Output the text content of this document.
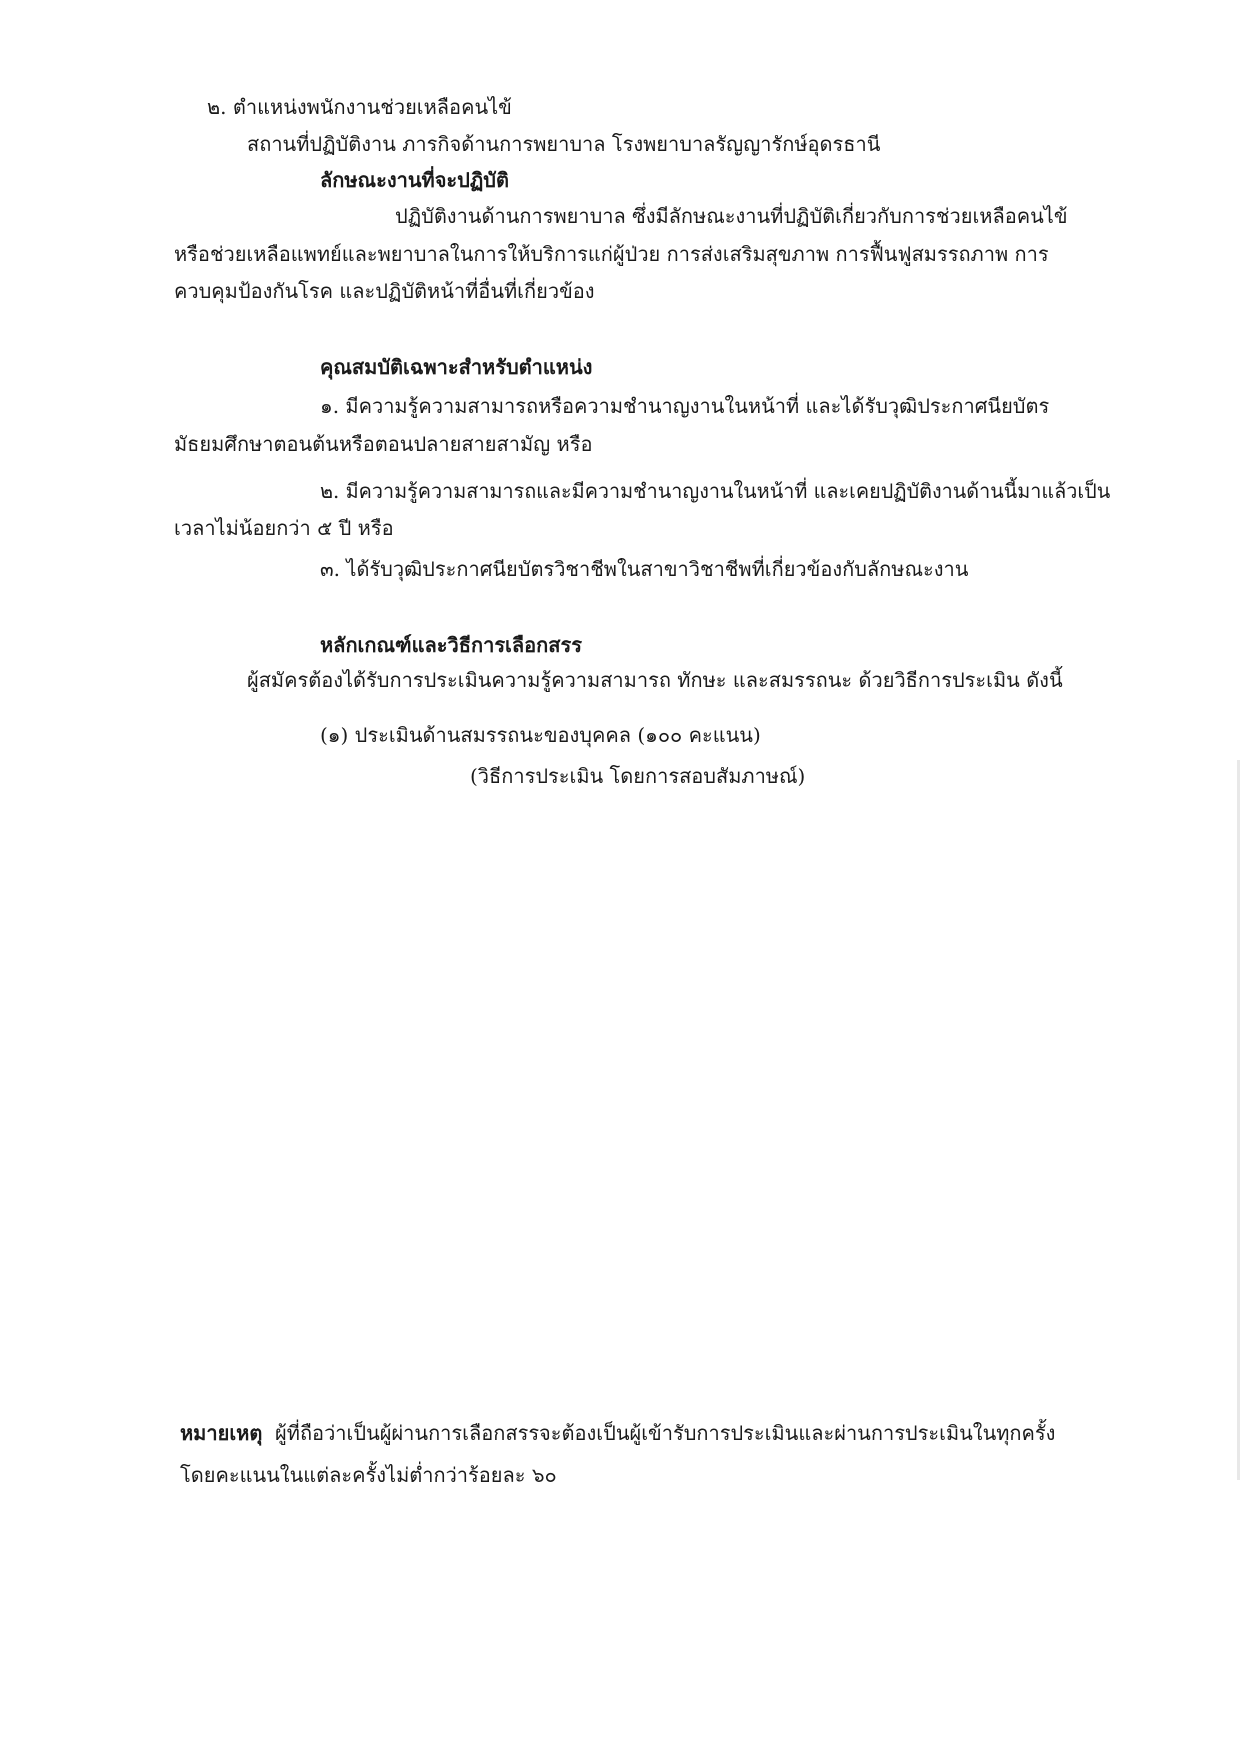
๒. ตำแหน่งพนักงานช่วยเหลือคนไข้
สถานที่ปฏิบัติงาน ภารกิจด้านการพยาบาล โรงพยาบาลรัญญารักษ์อุดรธานี
ลักษณะงานที่จะปฏิบัติ
ปฏิบัติงานด้านการพยาบาล ซึ่งมีลักษณะงานที่ปฏิบัติเกี่ยวกับการช่วยเหลือคนไข้
หรือช่วยเหลือแพทย์และพยาบาลในการให้บริการแก่ผู้ป่วย การส่งเสริมสุขภาพ การฟื้นฟูสมรรถภาพ การ
ควบคุมป้องกันโรค และปฏิบัติหน้าที่อื่นที่เกี่ยวข้อง
คุณสมบัติเฉพาะสำหรับตำแหน่ง
๑. มีความรู้ความสามารถหรือความชำนาญงานในหน้าที่ และได้รับวุฒิประกาศนียบัตร
มัธยมศึกษาตอนต้นหรือตอนปลายสายสามัญ หรือ
๒. มีความรู้ความสามารถและมีความชำนาญงานในหน้าที่ และเคยปฏิบัติงานด้านนี้มาแล้วเป็น
เวลาไม่น้อยกว่า ๕ ปี หรือ
๓. ได้รับวุฒิประกาศนียบัตรวิชาชีพในสาขาวิชาชีพที่เกี่ยวข้องกับลักษณะงาน
หลักเกณฑ์และวิธีการเลือกสรร
ผู้สมัครต้องได้รับการประเมินความรู้ความสามารถ ทักษะ และสมรรถนะ ด้วยวิธีการประเมิน ดังนี้
(๑) ประเมินด้านสมรรถนะของบุคคล (๑๐๐ คะแนน)
(วิธีการประเมิน โดยการสอบสัมภาษณ์)
หมายเหตุ ผู้ที่ถือว่าเป็นผู้ผ่านการเลือกสรรจะต้องเป็นผู้เข้ารับการประเมินและผ่านการประเมินในทุกครั้ง
โดยคะแนนในแต่ละครั้งไม่ต่ำกว่าร้อยละ ๖๐
